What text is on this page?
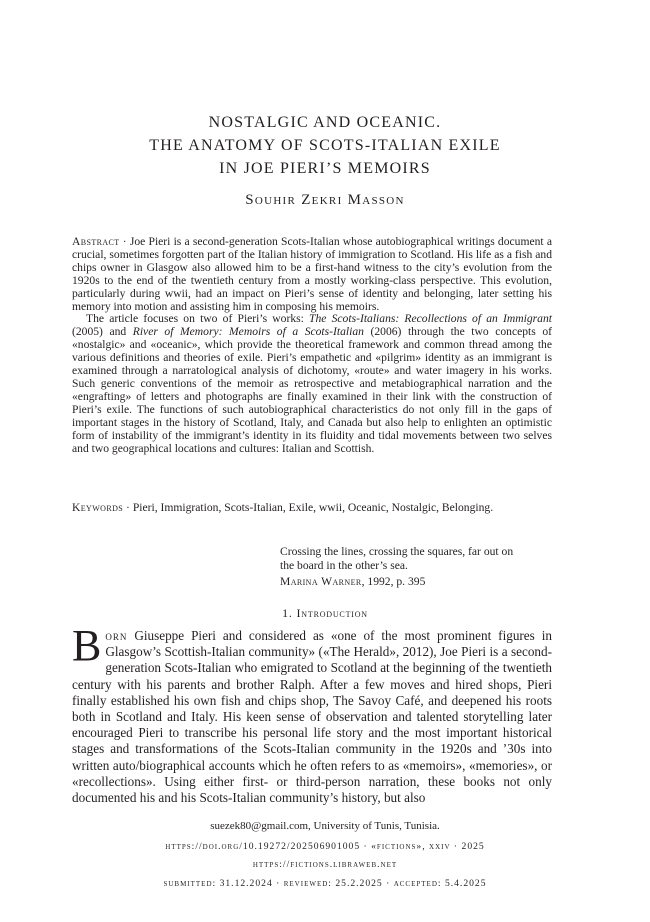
NOSTALGIC AND OCEANIC.
THE ANATOMY OF SCOTS-ITALIAN EXILE
IN JOE PIERI’S MEMOIRS
Souhir Zekri Masson

Abstract · Joe Pieri is a second-generation Scots-Italian whose autobiographical writings document a crucial, sometimes forgotten part of the Italian history of immigration to Scotland. His life as a fish and chips owner in Glasgow also allowed him to be a first-hand witness to the city’s evolution from the 1920s to the end of the twentieth century from a mostly working-class perspective. This evolution, particularly during wwii, had an impact on Pieri’s sense of identity and belonging, later setting his memory into motion and assisting him in composing his memoirs.

The article focuses on two of Pieri’s works: The Scots-Italians: Recollections of an Immigrant (2005) and River of Memory: Memoirs of a Scots-Italian (2006) through the two concepts of «nostalgic» and «oceanic», which provide the theoretical framework and common thread among the various definitions and theories of exile. Pieri’s empathetic and «pilgrim» identity as an immigrant is examined through a narratological analysis of dichotomy, «route» and water imagery in his works. Such generic conventions of the memoir as retrospective and metabiographical narration and the «engrafting» of letters and photographs are finally examined in their link with the construction of Pieri’s exile. The functions of such autobiographical characteristics do not only fill in the gaps of important stages in the history of Scotland, Italy, and Canada but also help to enlighten an optimistic form of instability of the immigrant’s identity in its fluidity and tidal movements between two selves and two geographical locations and cultures: Italian and Scottish.

Keywords · Pieri, Immigration, Scots-Italian, Exile, wwii, Oceanic, Nostalgic, Belonging.
Crossing the lines, crossing the squares, far out on
the board in the other’s sea.
Marina Warner, 1992, p. 395
1. Introduction
Born Giuseppe Pieri and considered as «one of the most prominent figures in Glasgow’s Scottish-Italian community» («The Herald», 2012), Joe Pieri is a second-generation Scots-Italian who emigrated to Scotland at the beginning of the twentieth century with his parents and brother Ralph. After a few moves and hired shops, Pieri finally established his own fish and chips shop, The Savoy Café, and deepened his roots both in Scotland and Italy. His keen sense of observation and talented storytelling later encouraged Pieri to transcribe his personal life story and the most important historical stages and transformations of the Scots-Italian community in the 1920s and ’30s into written auto/biographical accounts which he often refers to as «memoirs», «memories», or «recollections». Using either first- or third-person narration, these books not only documented his and his Scots-Italian community’s history, but also
suezek80@gmail.com, University of Tunis, Tunisia.
https://doi.org/10.19272/202506901005 · «fictions», xxiv · 2025
https://fictions.libraweb.net
submitted: 31.12.2024 · reviewed: 25.2.2025 · accepted: 5.4.2025
